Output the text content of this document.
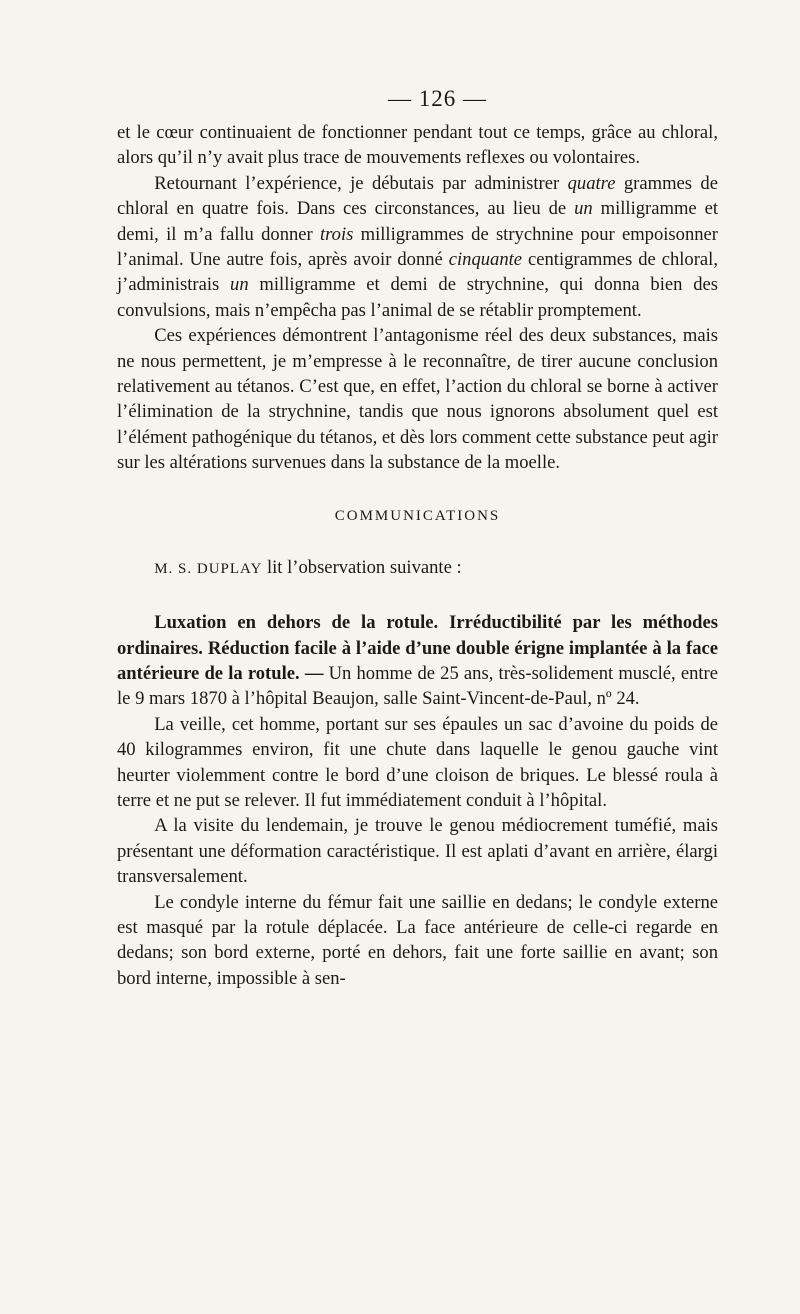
— 126 —

et le cœur continuaient de fonctionner pendant tout ce temps, grâce au chloral, alors qu’il n’y avait plus trace de mouvements reflexes ou volontaires.

Retournant l’expérience, je débutais par administrer quatre grammes de chloral en quatre fois. Dans ces circonstances, au lieu de un milligramme et demi, il m’a fallu donner trois milligrammes de strychnine pour empoisonner l’animal. Une autre fois, après avoir donné cinquante centigrammes de chloral, j’administrais un milligramme et demi de strychnine, qui donna bien des convulsions, mais n’empêcha pas l’animal de se rétablir promptement.

Ces expériences démontrent l’antagonisme réel des deux substances, mais ne nous permettent, je m’empresse à le reconnaître, de tirer aucune conclusion relativement au tétanos. C’est que, en effet, l’action du chloral se borne à activer l’élimination de la strychnine, tandis que nous ignorons absolument quel est l’élément pathogénique du tétanos, et dès lors comment cette substance peut agir sur les altérations survenues dans la substance de la moelle.

COMMUNICATIONS

M. S. DUPLAY lit l’observation suivante :

Luxation en dehors de la rotule. Irréductibilité par les méthodes ordinaires. Réduction facile à l’aide d’une double érigne implantée à la face antérieure de la rotule. — Un homme de 25 ans, très-solidement musclé, entre le 9 mars 1870 à l’hôpital Beaujon, salle Saint-Vincent-de-Paul, nº 24.

La veille, cet homme, portant sur ses épaules un sac d’avoine du poids de 40 kilogrammes environ, fit une chute dans laquelle le genou gauche vint heurter violemment contre le bord d’une cloison de briques. Le blessé roula à terre et ne put se relever. Il fut immédiatement conduit à l’hôpital.

A la visite du lendemain, je trouve le genou médiocrement tuméfié, mais présentant une déformation caractéristique. Il est aplati d’avant en arrière, élargi transversalement.

Le condyle interne du fémur fait une saillie en dedans; le condyle externe est masqué par la rotule déplacée. La face antérieure de celle-ci regarde en dedans; son bord externe, porté en dehors, fait une forte saillie en avant; son bord interne, impossible à sen-
